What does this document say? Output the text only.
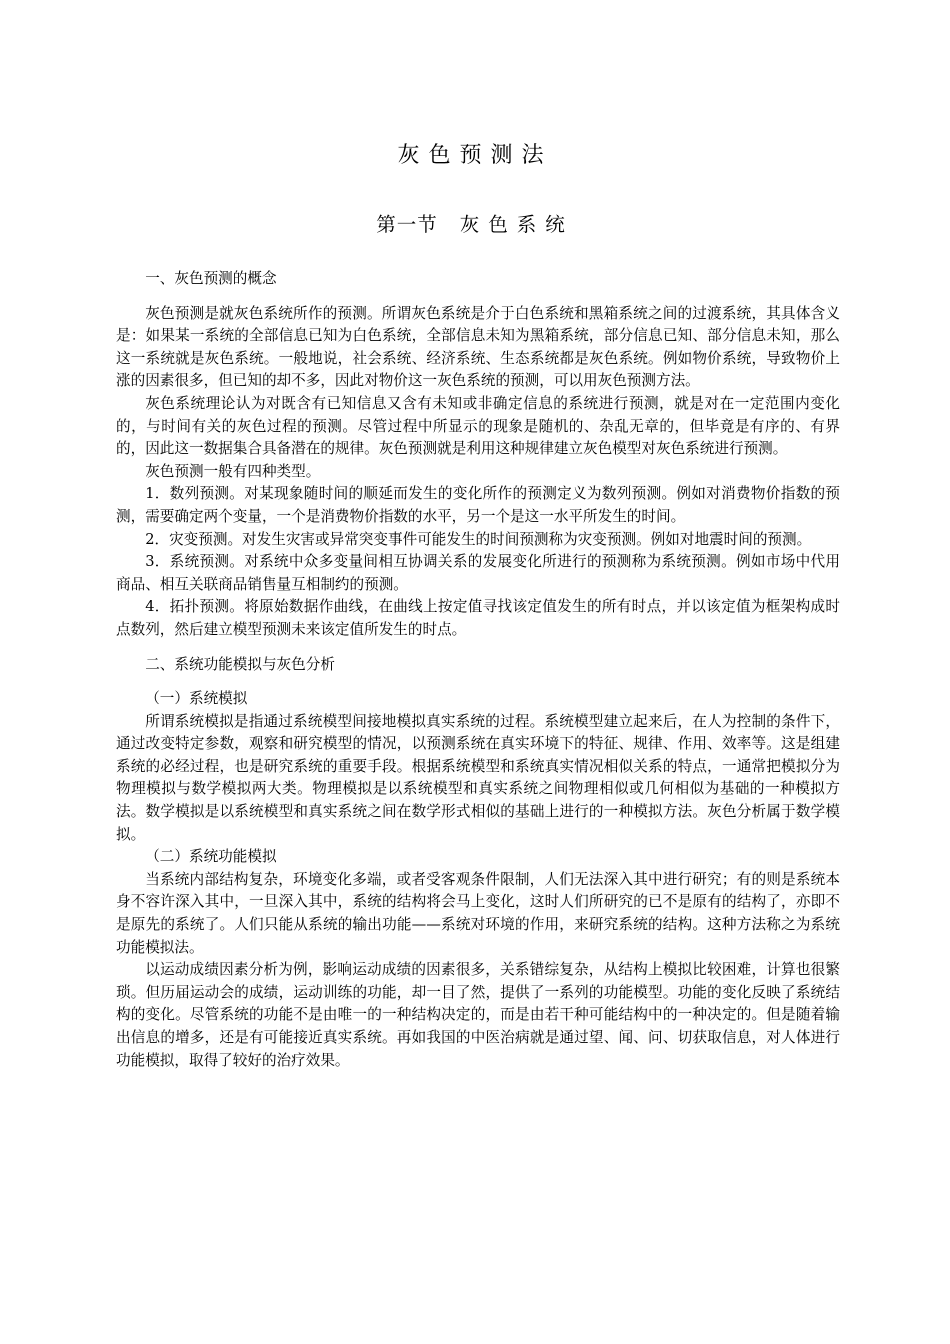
灰色预测法
第一节 灰色系统
一、灰色预测的概念

灰色预测是就灰色系统所作的预测。所谓灰色系统是介于白色系统和黑箱系统之间的过渡系统，其具体含义是：如果某一系统的全部信息已知为白色系统，全部信息未知为黑箱系统，部分信息已知、部分信息未知，那么这一系统就是灰色系统。一般地说，社会系统、经济系统、生态系统都是灰色系统。例如物价系统，导致物价上涨的因素很多，但已知的却不多，因此对物价这一灰色系统的预测，可以用灰色预测方法。

灰色系统理论认为对既含有已知信息又含有未知或非确定信息的系统进行预测，就是对在一定范围内变化的，与时间有关的灰色过程的预测。尽管过程中所显示的现象是随机的、杂乱无章的，但毕竟是有序的、有界的，因此这一数据集合具备潜在的规律。灰色预测就是利用这种规律建立灰色模型对灰色系统进行预测。

灰色预测一般有四种类型。

1．数列预测。对某现象随时间的顺延而发生的变化所作的预测定义为数列预测。例如对消费物价指数的预测，需要确定两个变量，一个是消费物价指数的水平，另一个是这一水平所发生的时间。

2．灾变预测。对发生灾害或异常突变事件可能发生的时间预测称为灾变预测。例如对地震时间的预测。

3．系统预测。对系统中众多变量间相互协调关系的发展变化所进行的预测称为系统预测。例如市场中代用商品、相互关联商品销售量互相制约的预测。

4．拓扑预测。将原始数据作曲线，在曲线上按定值寻找该定值发生的所有时点，并以该定值为框架构成时点数列，然后建立模型预测未来该定值所发生的时点。

二、系统功能模拟与灰色分析
（一）系统模拟

所谓系统模拟是指通过系统模型间接地模拟真实系统的过程。系统模型建立起来后，在人为控制的条件下，通过改变特定参数，观察和研究模型的情况，以预测系统在真实环境下的特征、规律、作用、效率等。这是组建系统的必经过程，也是研究系统的重要手段。根据系统模型和系统真实情况相似关系的特点，一通常把模拟分为物理模拟与数学模拟两大类。物理模拟是以系统模型和真实系统之间物理相似或几何相似为基础的一种模拟方法。数学模拟是以系统模型和真实系统之间在数学形式相似的基础上进行的一种模拟方法。灰色分析属于数学模拟。

（二）系统功能模拟

当系统内部结构复杂，环境变化多端，或者受客观条件限制，人们无法深入其中进行研究；有的则是系统本身不容许深入其中，一旦深入其中，系统的结构将会马上变化，这时人们所研究的已不是原有的结构了，亦即不是原先的系统了。人们只能从系统的输出功能——系统对环境的作用，来研究系统的结构。这种方法称之为系统功能模拟法。

以运动成绩因素分析为例，影响运动成绩的因素很多，关系错综复杂，从结构上模拟比较困难，计算也很繁琐。但历届运动会的成绩，运动训练的功能，却一目了然，提供了一系列的功能模型。功能的变化反映了系统结构的变化。尽管系统的功能不是由唯一的一种结构决定的，而是由若干种可能结构中的一种决定的。但是随着输出信息的增多，还是有可能接近真实系统。再如我国的中医治病就是通过望、闻、问、切获取信息，对人体进行功能模拟，取得了较好的治疗效果。
